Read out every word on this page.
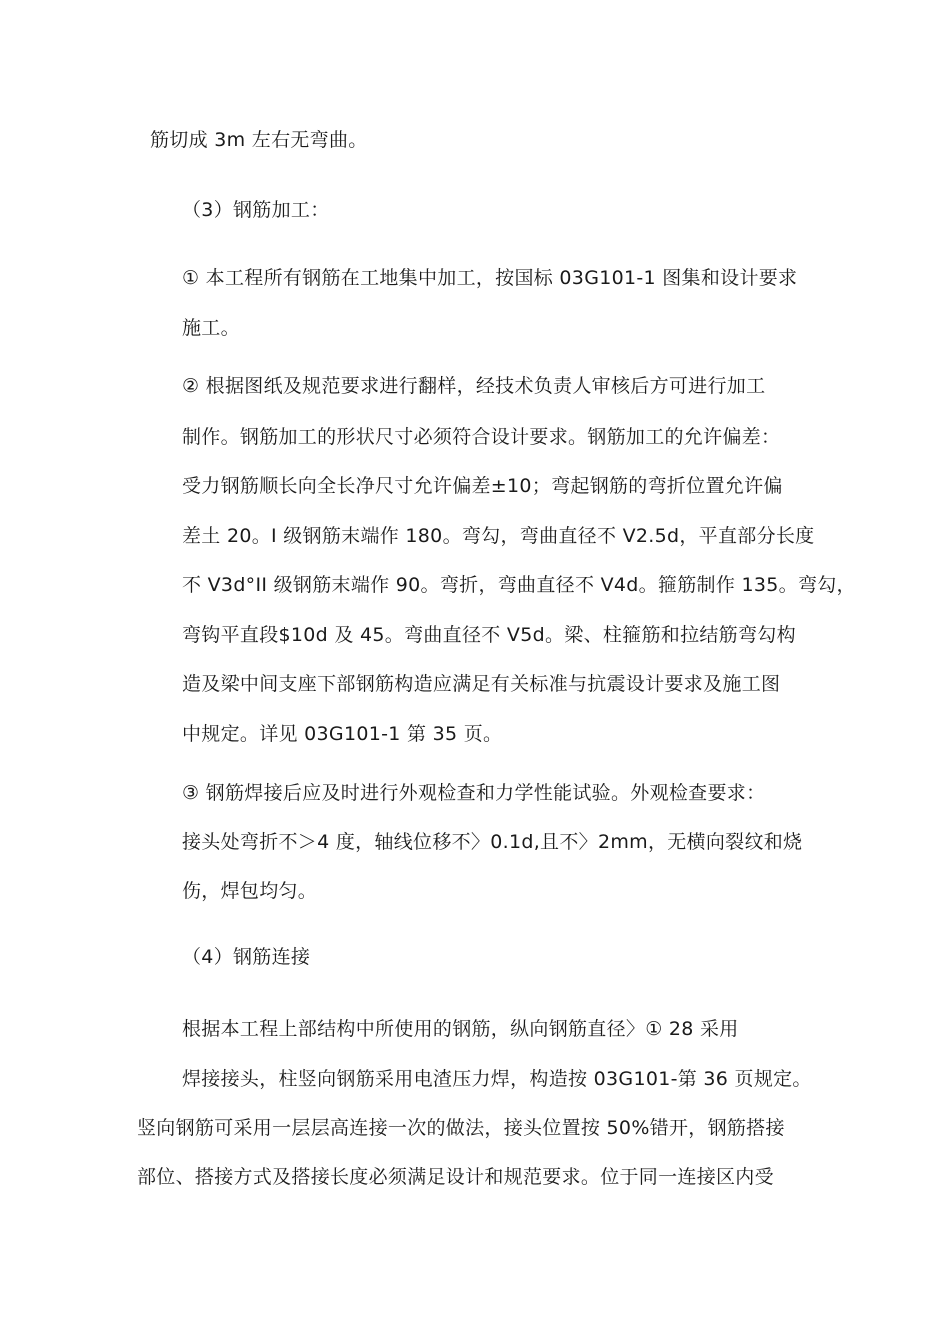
筋切成 3m 左右无弯曲。
（3）钢筋加工：
① 本工程所有钢筋在工地集中加工，按国标 03G101-1 图集和设计要求
施工。
② 根据图纸及规范要求进行翻样，经技术负责人审核后方可进行加工
制作。钢筋加工的形状尺寸必须符合设计要求。钢筋加工的允许偏差：
受力钢筋顺长向全长净尺寸允许偏差±10；弯起钢筋的弯折位置允许偏
差土 20。I 级钢筋末端作 180。弯勾，弯曲直径不 V2.5d，平直部分长度
不 V3d°II 级钢筋末端作 90。弯折，弯曲直径不 V4d。箍筋制作 135。弯勾，
弯钩平直段$10d 及 45。弯曲直径不 V5d。梁、柱箍筋和拉结筋弯勾构
造及梁中间支座下部钢筋构造应满足有关标准与抗震设计要求及施工图
中规定。详见 03G101-1 第 35 页。
③ 钢筋焊接后应及时进行外观检查和力学性能试验。外观检查要求：
接头处弯折不＞4 度，轴线位移不〉0.1d,且不〉2mm，无横向裂纹和烧
伤，焊包均匀。
（4）钢筋连接
根据本工程上部结构中所使用的钢筋，纵向钢筋直径〉① 28 采用
焊接接头，柱竖向钢筋采用电渣压力焊，构造按 03G101-第 36 页规定。
竖向钢筋可采用一层层高连接一次的做法，接头位置按 50%错开，钢筋搭接
部位、搭接方式及搭接长度必须满足设计和规范要求。位于同一连接区内受
